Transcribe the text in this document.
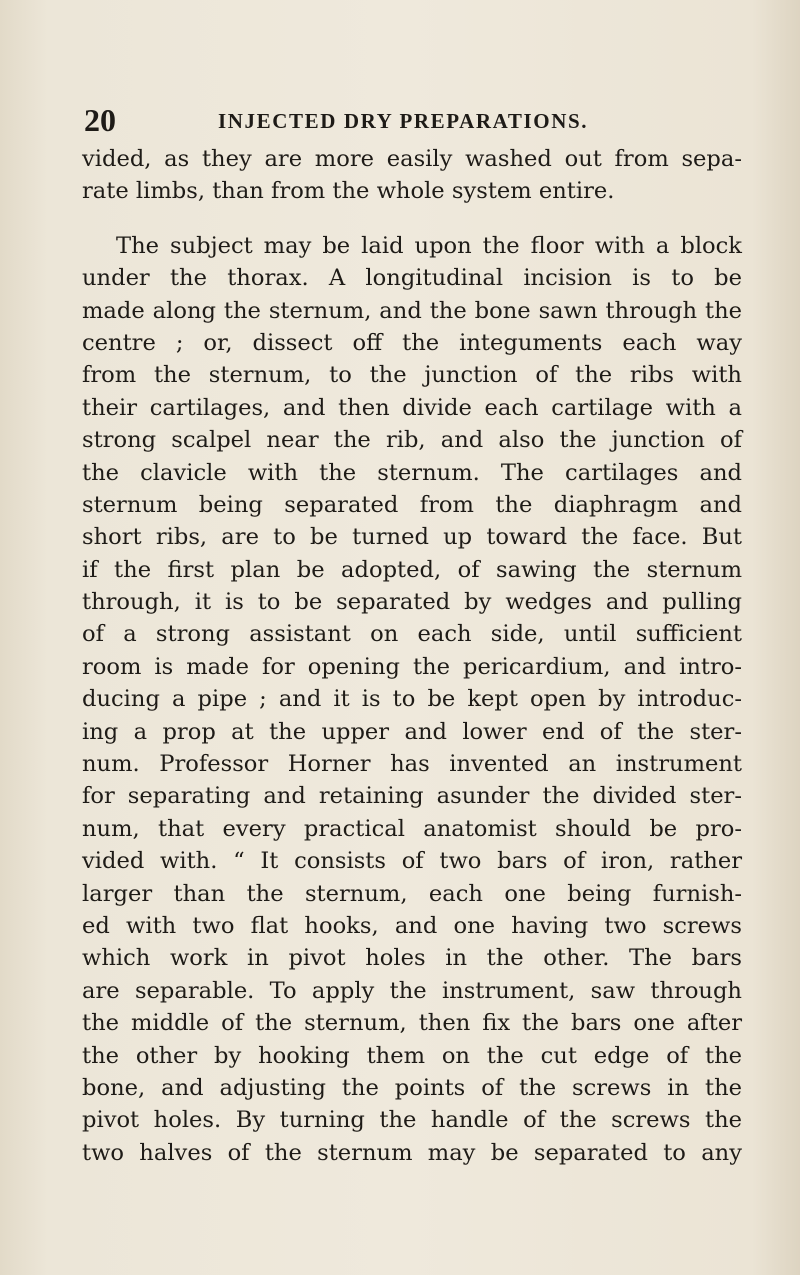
20	INJECTED DRY PREPARATIONS.
vided, as they are more easily washed out from sepa-
rate limbs, than from the whole system entire.
The subject may be laid upon the floor with a block
under the thorax. A longitudinal incision is to be
made along the sternum, and the bone sawn through the
centre ; or, dissect off the integuments each way
from the sternum, to the junction of the ribs with
their cartilages, and then divide each cartilage with a
strong scalpel near the rib, and also the junction of
the clavicle with the sternum. The cartilages and
sternum being separated from the diaphragm and
short ribs, are to be turned up toward the face. But
if the first plan be adopted, of sawing the sternum
through, it is to be separated by wedges and pulling
of a strong assistant on each side, until sufficient
room is made for opening the pericardium, and intro-
ducing a pipe ; and it is to be kept open by introduc-
ing a prop at the upper and lower end of the ster-
num. Professor Horner has invented an instrument
for separating and retaining asunder the divided ster-
num, that every practical anatomist should be pro-
vided with. “ It consists of two bars of iron, rather
larger than the sternum, each one being furnish-
ed with two flat hooks, and one having two screws
which work in pivot holes in the other. The bars
are separable. To apply the instrument, saw through
the middle of the sternum, then fix the bars one after
the other by hooking them on the cut edge of the
bone, and adjusting the points of the screws in the
pivot holes. By turning the handle of the screws the
two halves of the sternum may be separated to any
